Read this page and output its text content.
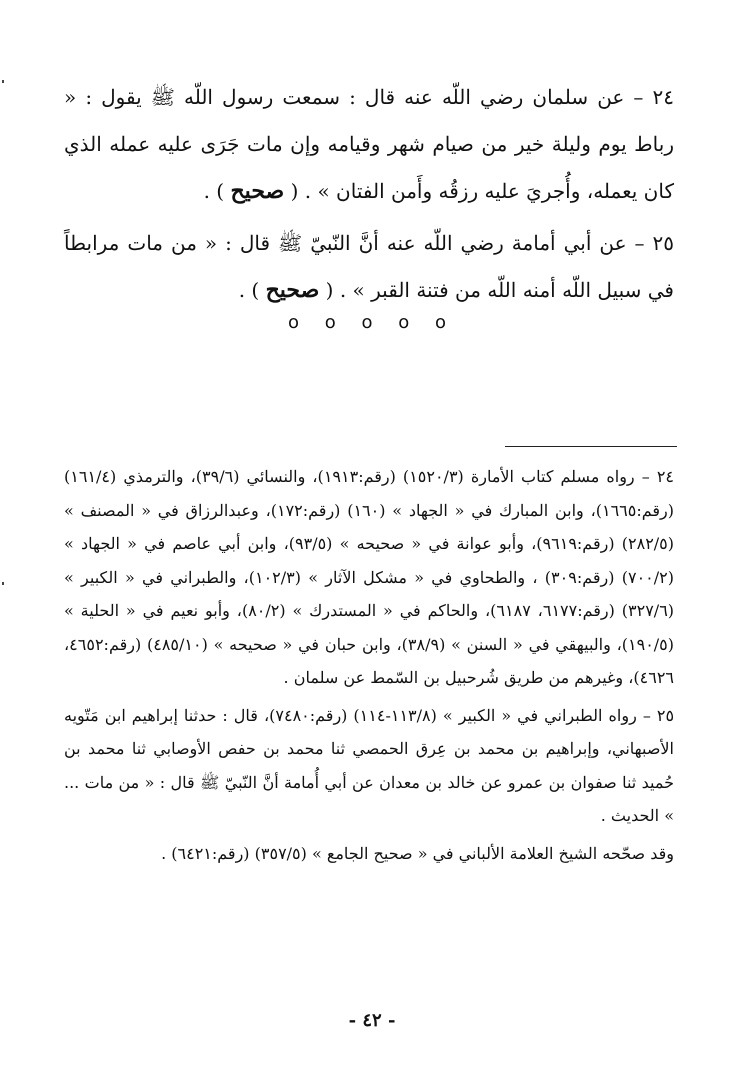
٢٤ – عن سلمان رضي اللّه عنه قال : سمعت رسول اللّه ﷺ يقول : « رباط يوم وليلة خير من صيام شهر وقيامه وإن مات جَرَى عليه عمله الذي كان يعمله، وأُجريَ عليه رزقُه وأَمن الفتان » . ( صحيح ) .

٢٥ – عن أبي أمامة رضي اللّه عنه أنَّ النّبيّ ﷺ قال : « من مات مرابطاً في سبيل اللّه أمنه اللّه من فتنة القبر » . ( صحيح ) .

o o o o o

٢٤ – رواه مسلم كتاب الأمارة (١٥٢٠/٣) (رقم:١٩١٣)، والنسائي (٣٩/٦)، والترمذي (١٦١/٤) (رقم:١٦٦٥)، وابن المبارك في « الجهاد » (١٦٠) (رقم:١٧٢)، وعبدالرزاق في « المصنف » (٢٨٢/٥) (رقم:٩٦١٩)، وأبو عوانة في « صحيحه » (٩٣/٥)، وابن أبي عاصم في « الجهاد » (٧٠٠/٢) (رقم:٣٠٩) ، والطحاوي في « مشكل الآثار » (١٠٢/٣)، والطبراني في « الكبير » (٣٢٧/٦) (رقم:٦١٧٧، ٦١٨٧)، والحاكم في « المستدرك » (٨٠/٢)، وأبو نعيم في « الحلية » (١٩٠/٥)، والبيهقي في « السنن » (٣٨/٩)، وابن حبان في « صحيحه » (٤٨٥/١٠) (رقم:٤٦٥٢، ٤٦٢٦)، وغيرهم من طريق شُرحبيل بن السّمط عن سلمان .

٢٥ – رواه الطبراني في « الكبير » (١١٣/٨-١١٤) (رقم:٧٤٨٠)، قال : حدثنا إبراهيم ابن مَتّويه الأصبهاني، وإبراهيم بن محمد بن عِرق الحمصي ثنا محمد بن حفص الأوصابي ثنا محمد بن حُميد ثنا صفوان بن عمرو عن خالد بن معدان عن أبي أُمامة أنَّ النّبيّ ﷺ قال : « من مات ... » الحديث .

وقد صحّحه الشيخ العلامة الألباني في « صحيح الجامع » (٣٥٧/٥) (رقم:٦٤٢١) .

- ٤٢ -
